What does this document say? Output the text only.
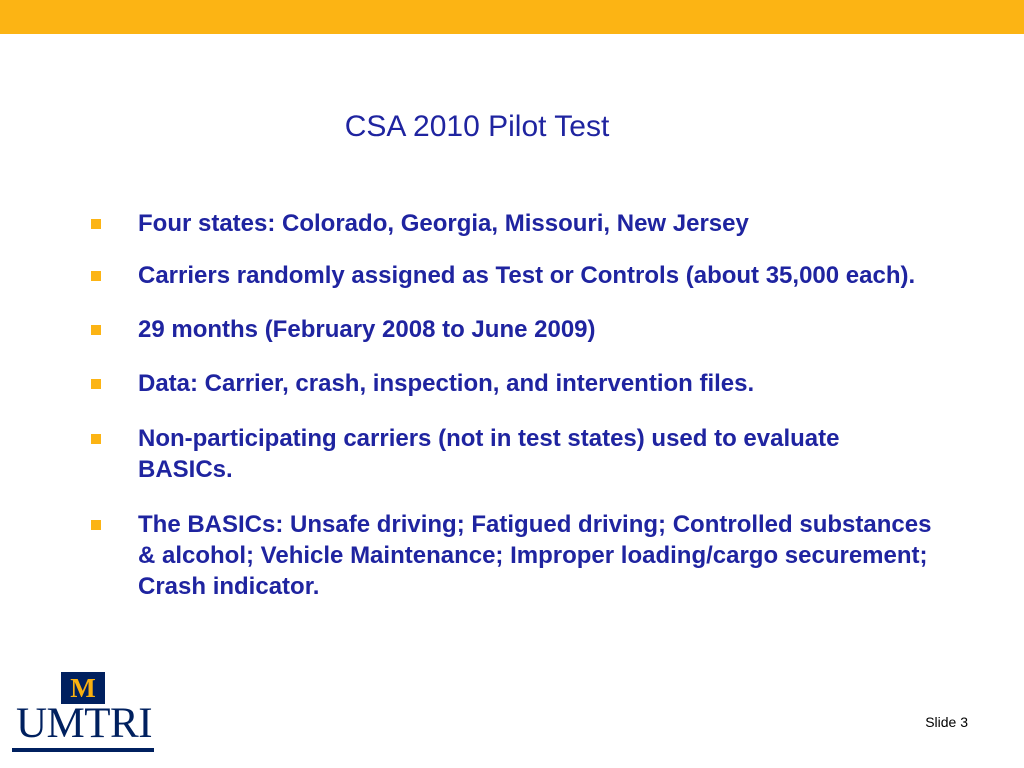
CSA 2010 Pilot Test
Four states: Colorado, Georgia, Missouri, New Jersey
Carriers randomly assigned as Test or Controls (about 35,000 each).
29 months (February 2008 to June 2009)
Data: Carrier, crash, inspection, and intervention files.
Non-participating carriers (not in test states) used to evaluate BASICs.
The BASICs: Unsafe driving; Fatigued driving; Controlled substances & alcohol; Vehicle Maintenance; Improper loading/cargo securement; Crash indicator.
M
UMTRI	Slide 3
